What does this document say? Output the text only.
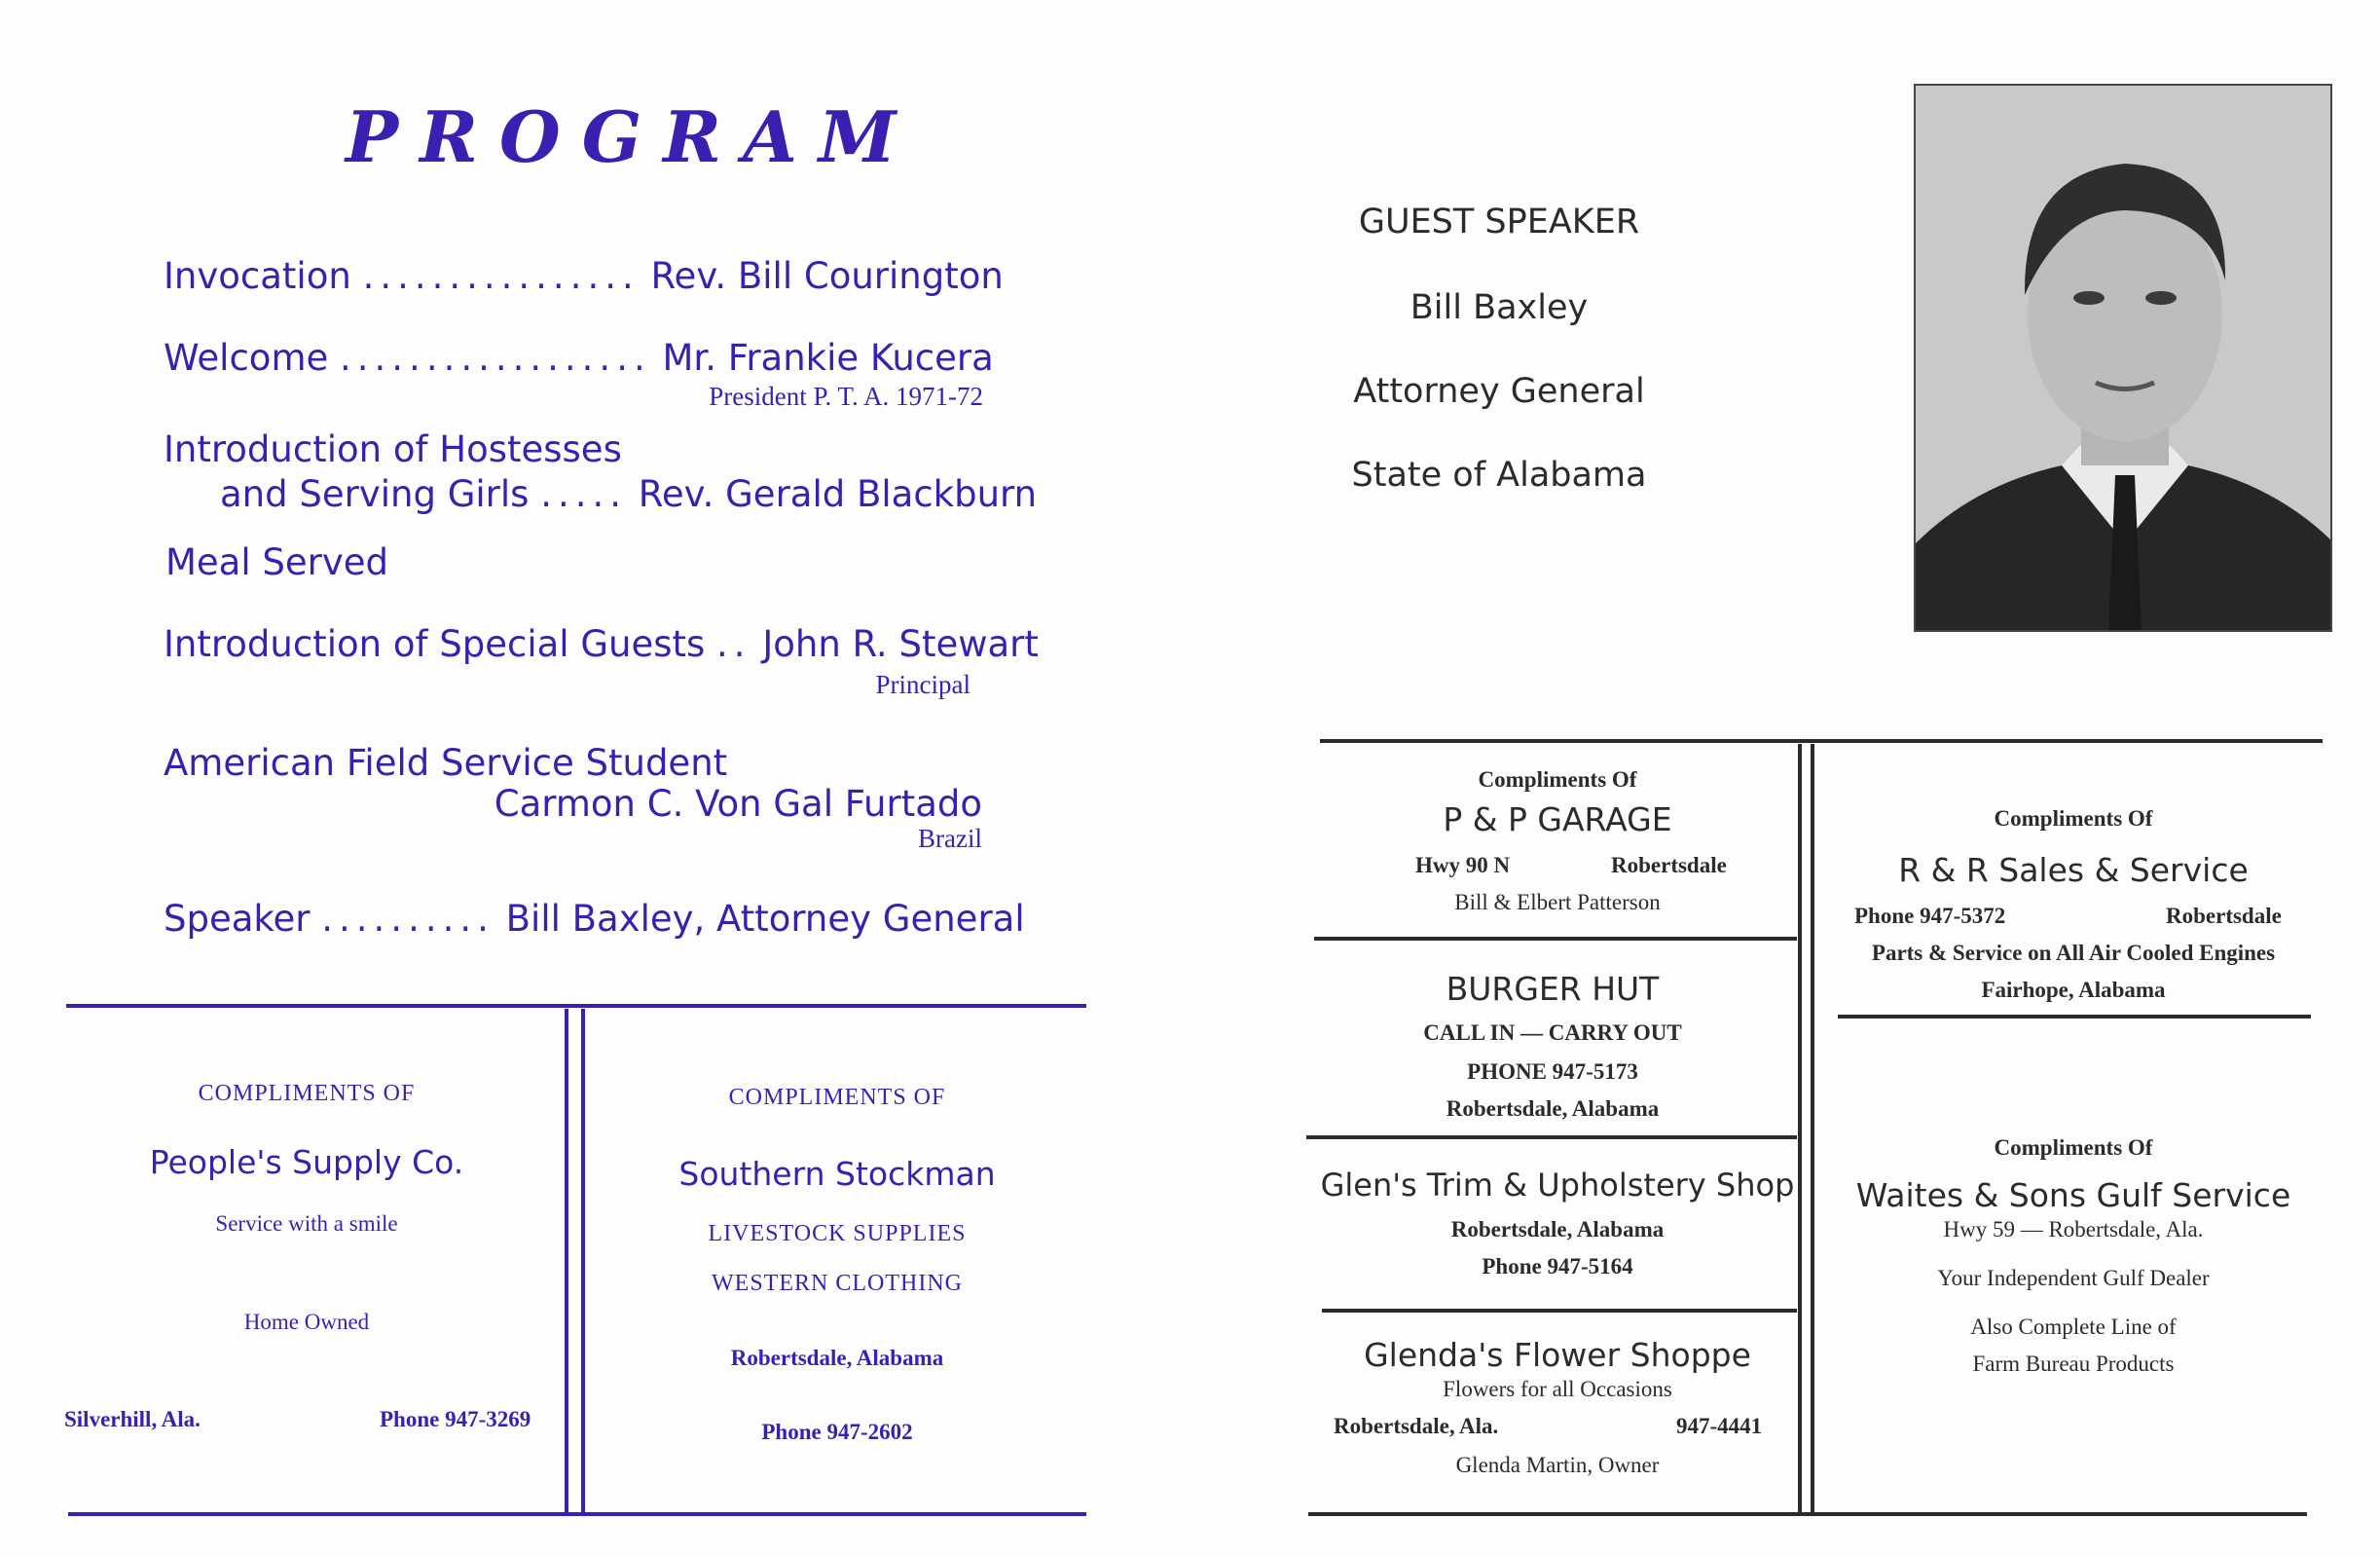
PROGRAM
Invocation ................ Rev. Bill Courington
Welcome .................. Mr. Frankie Kucera
President P. T. A. 1971-72
Introduction of Hostesses
and Serving Girls ..... Rev. Gerald Blackburn
Meal Served
Introduction of Special Guests .. John R. Stewart
Principal
American Field Service Student
Carmon C. Von Gal Furtado
Brazil
Speaker .......... Bill Baxley, Attorney General
COMPLIMENTS OF
People's Supply Co.
Service with a smile
Home Owned
Silverhill, Ala.	Phone 947-3269
COMPLIMENTS OF
Southern Stockman
LIVESTOCK SUPPLIES
WESTERN CLOTHING
Robertsdale, Alabama
Phone 947-2602
GUEST SPEAKER
Bill Baxley
Attorney General
State of Alabama
Compliments Of
P & P GARAGE
Hwy 90 N	Robertsdale
Bill & Elbert Patterson
BURGER HUT
CALL IN — CARRY OUT
PHONE 947-5173
Robertsdale, Alabama
Glen's Trim & Upholstery Shop
Robertsdale, Alabama
Phone 947-5164
Glenda's Flower Shoppe
Flowers for all Occasions
Robertsdale, Ala.	947-4441
Glenda Martin, Owner
Compliments Of
R & R Sales & Service
Phone 947-5372	Robertsdale
Parts & Service on All Air Cooled Engines
Fairhope, Alabama
Compliments Of
Waites & Sons Gulf Service
Hwy 59 — Robertsdale, Ala.
Your Independent Gulf Dealer
Also Complete Line of
Farm Bureau Products
